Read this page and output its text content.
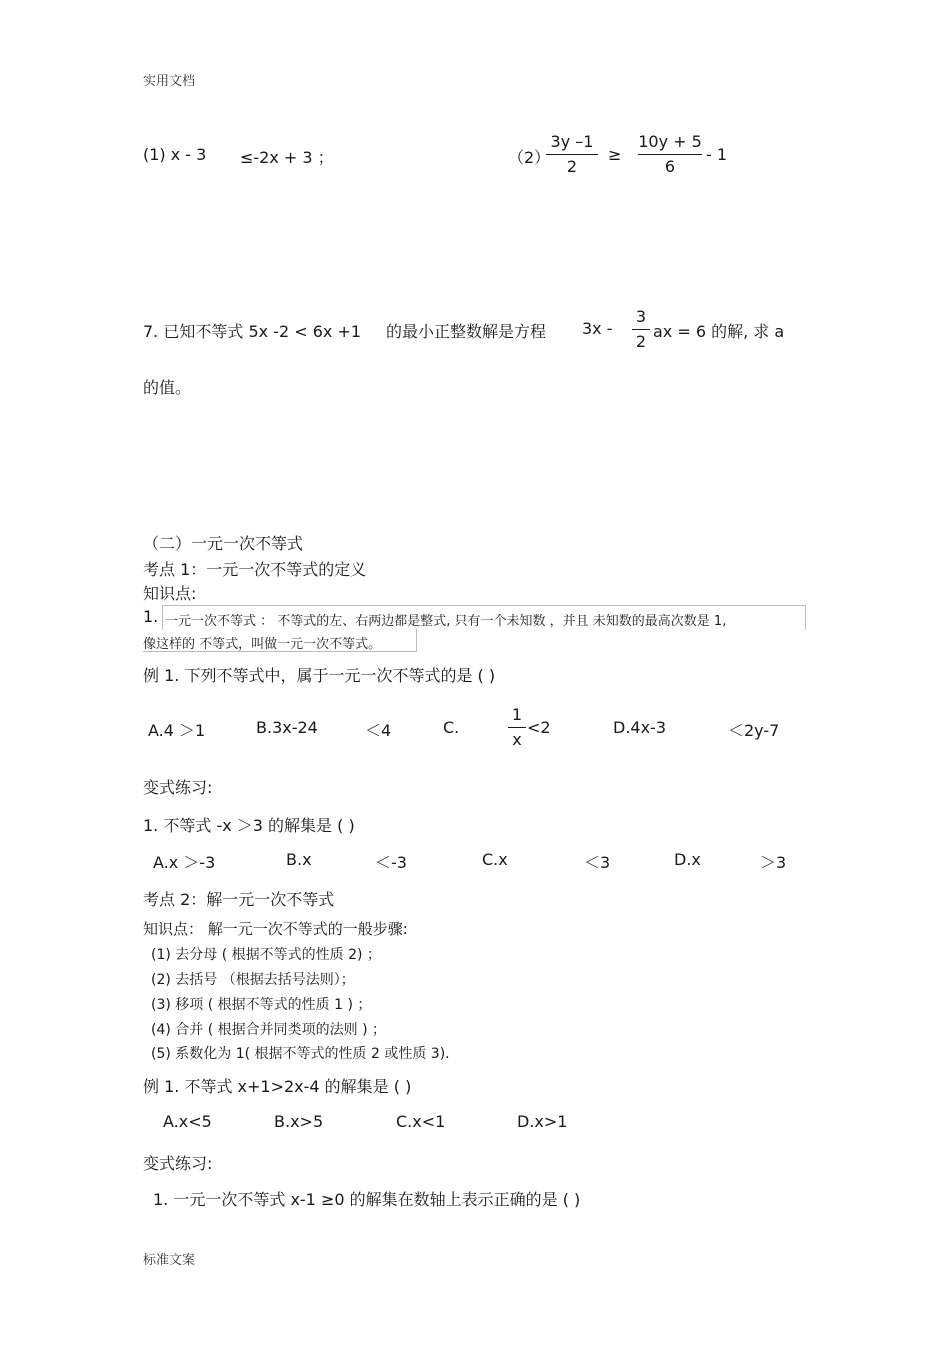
实用文档
(1) x - 3 ≤-2x + 3 ；	（2）
3y –1
2
≥
10y + 5
6
- 1
7. 已知不等式 5x -2 < 6x +1 的最小正整数解是方程 3x -
3
2
ax = 6 的解, 求 a
的值。
（二）一元一次不等式
考点 1：一元一次不等式的定义
知识点:
1. 一元一次不等式 ： 不等式的左、右两边都是整式, 只有一个未知数 ，并且 未知数的最高次数是 1,
像这样的 不等式，叫做一元一次不等式。
例 1. 下列不等式中，属于一元一次不等式的是 ( )
A.4 ＞1	B.3x-24	＜4	C.
1
x
<2	D.4x-3	＜2y-7
变式练习:
1. 不等式 -x ＞3 的解集是 ( )
A.x ＞-3	B.x	＜-3	C.x	＜3	D.x	＞3
考点 2：解一元一次不等式
知识点： 解一元一次不等式的一般步骤:
(1) 去分母 ( 根据不等式的性质 2) ；
(2) 去括号 （根据去括号法则）；
(3) 移项 ( 根据不等式的性质 1 ) ；
(4) 合并 ( 根据合并同类项的法则 ) ；
(5) 系数化为 1( 根据不等式的性质 2 或性质 3).
例 1. 不等式 x+1>2x-4 的解集是 ( )
A.x<5	B.x>5	C.x<1	D.x>1
变式练习:
1. 一元一次不等式 x-1 ≥0 的解集在数轴上表示正确的是 ( )
标准文案
